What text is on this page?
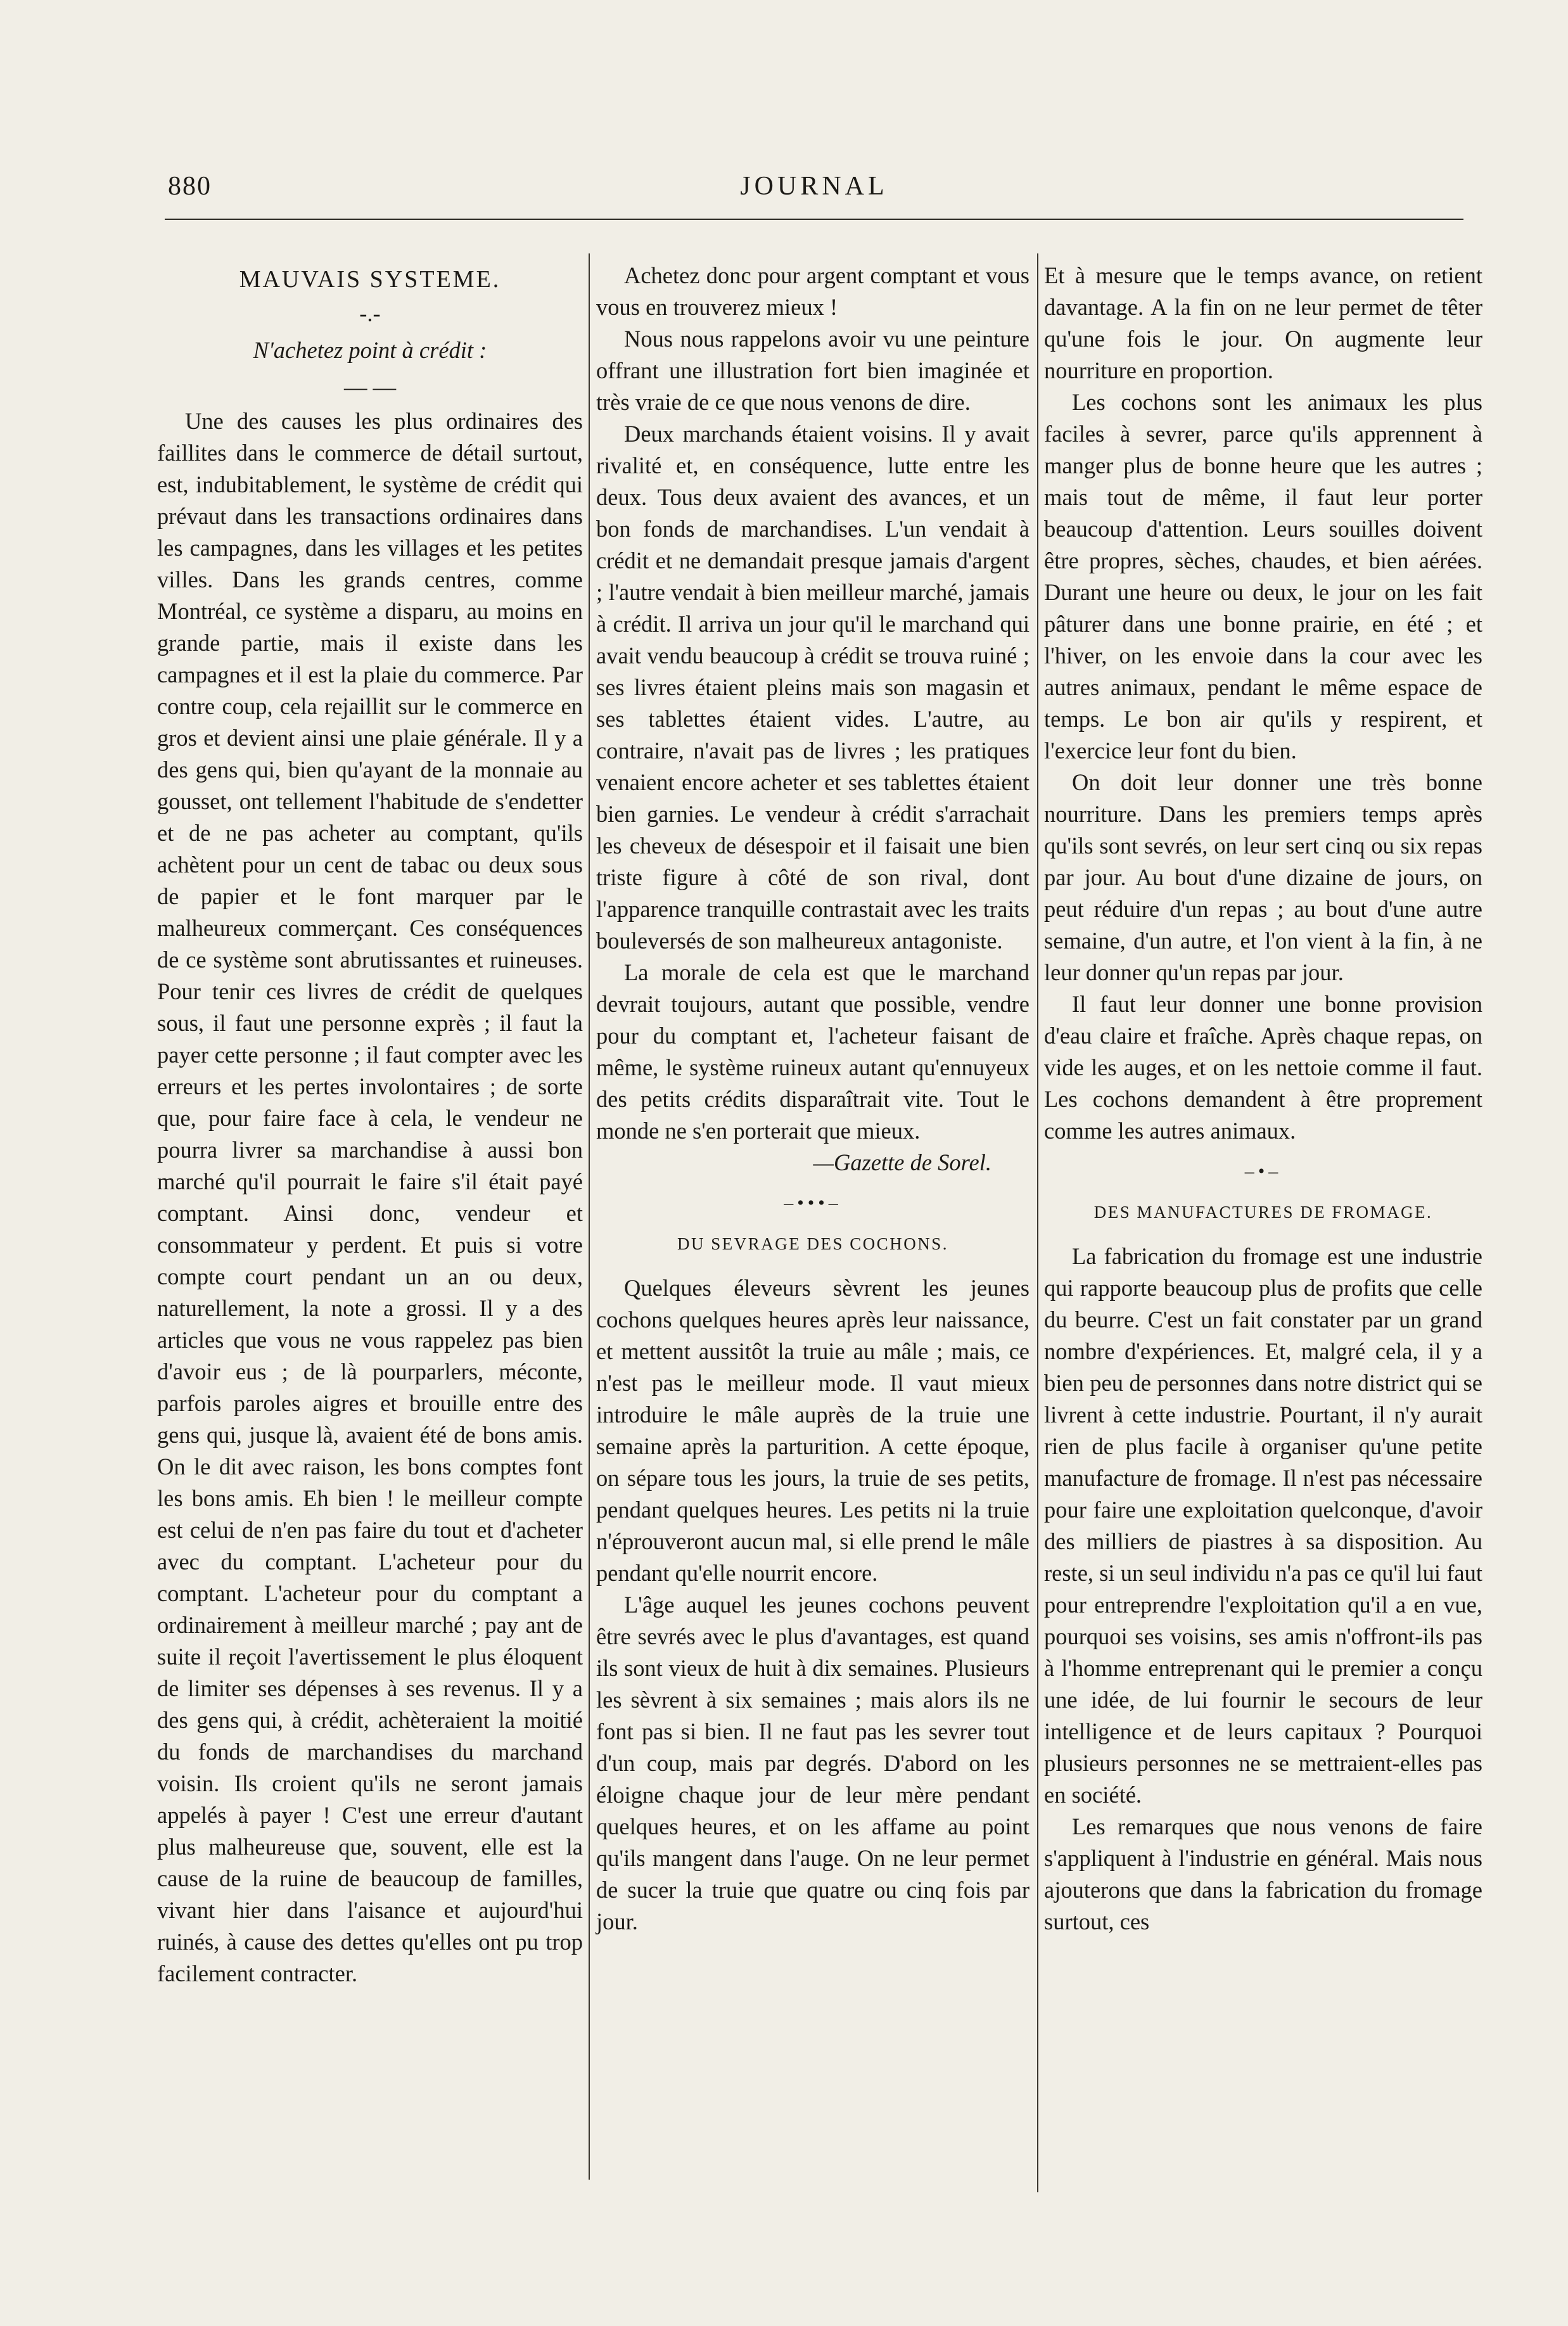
880	JOURNAL
MAUVAIS SYSTEME.
-.-
N'achetez point à crédit :
— —

Une des causes les plus ordinaires des faillites dans le commerce de détail surtout, est, indubitablement, le système de crédit qui prévaut dans les transactions ordinaires dans les campagnes, dans les villages et les petites villes. Dans les grands centres, comme Montréal, ce système a disparu, au moins en grande partie, mais il existe dans les campagnes et il est la plaie du commerce. Par contre coup, cela rejaillit sur le commerce en gros et devient ainsi une plaie générale. Il y a des gens qui, bien qu'ayant de la monnaie au gousset, ont tellement l'habitude de s'endetter et de ne pas acheter au comptant, qu'ils achètent pour un cent de tabac ou deux sous de papier et le font marquer par le malheureux commerçant. Ces conséquences de ce système sont abrutissantes et ruineuses. Pour tenir ces livres de crédit de quelques sous, il faut une personne exprès ; il faut la payer cette personne ; il faut compter avec les erreurs et les pertes involontaires ; de sorte que, pour faire face à cela, le vendeur ne pourra livrer sa marchandise à aussi bon marché qu'il pourrait le faire s'il était payé comptant. Ainsi donc, vendeur et consommateur y perdent. Et puis si votre compte court pendant un an ou deux, naturellement, la note a grossi. Il y a des articles que vous ne vous rappelez pas bien d'avoir eus ; de là pourparlers, méconte, parfois paroles aigres et brouille entre des gens qui, jusque là, avaient été de bons amis. On le dit avec raison, les bons comptes font les bons amis. Eh bien ! le meilleur compte est celui de n'en pas faire du tout et d'acheter avec du comptant. L'acheteur pour du comptant. L'acheteur pour du comptant a ordinairement à meilleur marché ; pay ant de suite il reçoit l'avertissement le plus éloquent de limiter ses dépenses à ses revenus. Il y a des gens qui, à crédit, achèteraient la moitié du fonds de marchandises du marchand voisin. Ils croient qu'ils ne seront jamais appelés à payer ! C'est une erreur d'autant plus malheureuse que, souvent, elle est la cause de la ruine de beaucoup de familles, vivant hier dans l'aisance et aujourd'hui ruinés, à cause des dettes qu'elles ont pu trop facilement contracter.

Achetez donc pour argent comptant et vous vous en trouverez mieux !

Nous nous rappelons avoir vu une peinture offrant une illustration fort bien imaginée et très vraie de ce que nous venons de dire.

Deux marchands étaient voisins. Il y avait rivalité et, en conséquence, lutte entre les deux. Tous deux avaient des avances, et un bon fonds de marchandises. L'un vendait à crédit et ne demandait presque jamais d'argent ; l'autre vendait à bien meilleur marché, jamais à crédit. Il arriva un jour qu'il le marchand qui avait vendu beaucoup à crédit se trouva ruiné ; ses livres étaient pleins mais son magasin et ses tablettes étaient vides. L'autre, au contraire, n'avait pas de livres ; les pratiques venaient encore acheter et ses tablettes étaient bien garnies. Le vendeur à crédit s'arrachait les cheveux de désespoir et il faisait une bien triste figure à côté de son rival, dont l'apparence tranquille contrastait avec les traits bouleversés de son malheureux antagoniste.

La morale de cela est que le marchand devrait toujours, autant que possible, vendre pour du comptant et, l'acheteur faisant de même, le système ruineux autant qu'ennuyeux des petits crédits disparaîtrait vite. Tout le monde ne s'en porterait que mieux.

—Gazette de Sorel.

–•••–
DU SEVRAGE DES COCHONS.

Quelques éleveurs sèvrent les jeunes cochons quelques heures après leur naissance, et mettent aussitôt la truie au mâle ; mais, ce n'est pas le meilleur mode. Il vaut mieux introduire le mâle auprès de la truie une semaine après la parturition. A cette époque, on sépare tous les jours, la truie de ses petits, pendant quelques heures. Les petits ni la truie n'éprouveront aucun mal, si elle prend le mâle pendant qu'elle nourrit encore.

L'âge auquel les jeunes cochons peuvent être sevrés avec le plus d'avantages, est quand ils sont vieux de huit à dix semaines. Plusieurs les sèvrent à six semaines ; mais alors ils ne font pas si bien. Il ne faut pas les sevrer tout d'un coup, mais par degrés. D'abord on les éloigne chaque jour de leur mère pendant quelques heures, et on les affame au point qu'ils mangent dans l'auge. On ne leur permet de sucer la truie que quatre ou cinq fois par jour.

Et à mesure que le temps avance, on retient davantage. A la fin on ne leur permet de têter qu'une fois le jour. On augmente leur nourriture en proportion.

Les cochons sont les animaux les plus faciles à sevrer, parce qu'ils apprennent à manger plus de bonne heure que les autres ; mais tout de même, il faut leur porter beaucoup d'attention. Leurs souilles doivent être propres, sèches, chaudes, et bien aérées. Durant une heure ou deux, le jour on les fait pâturer dans une bonne prairie, en été ; et l'hiver, on les envoie dans la cour avec les autres animaux, pendant le même espace de temps. Le bon air qu'ils y respirent, et l'exercice leur font du bien.

On doit leur donner une très bonne nourriture. Dans les premiers temps après qu'ils sont sevrés, on leur sert cinq ou six repas par jour. Au bout d'une dizaine de jours, on peut réduire d'un repas ; au bout d'une autre semaine, d'un autre, et l'on vient à la fin, à ne leur donner qu'un repas par jour.

Il faut leur donner une bonne provision d'eau claire et fraîche. Après chaque repas, on vide les auges, et on les nettoie comme il faut. Les cochons demandent à être proprement comme les autres animaux.

–•–
DES MANUFACTURES DE FROMAGE.

La fabrication du fromage est une industrie qui rapporte beaucoup plus de profits que celle du beurre. C'est un fait constater par un grand nombre d'expériences. Et, malgré cela, il y a bien peu de personnes dans notre district qui se livrent à cette industrie. Pourtant, il n'y aurait rien de plus facile à organiser qu'une petite manufacture de fromage. Il n'est pas nécessaire pour faire une exploitation quelconque, d'avoir des milliers de piastres à sa disposition. Au reste, si un seul individu n'a pas ce qu'il lui faut pour entreprendre l'exploitation qu'il a en vue, pourquoi ses voisins, ses amis n'offront-ils pas à l'homme entreprenant qui le premier a conçu une idée, de lui fournir le secours de leur intelligence et de leurs capitaux ? Pourquoi plusieurs personnes ne se mettraient-elles pas en société.

Les remarques que nous venons de faire s'appliquent à l'industrie en général. Mais nous ajouterons que dans la fabrication du fromage surtout, ces
